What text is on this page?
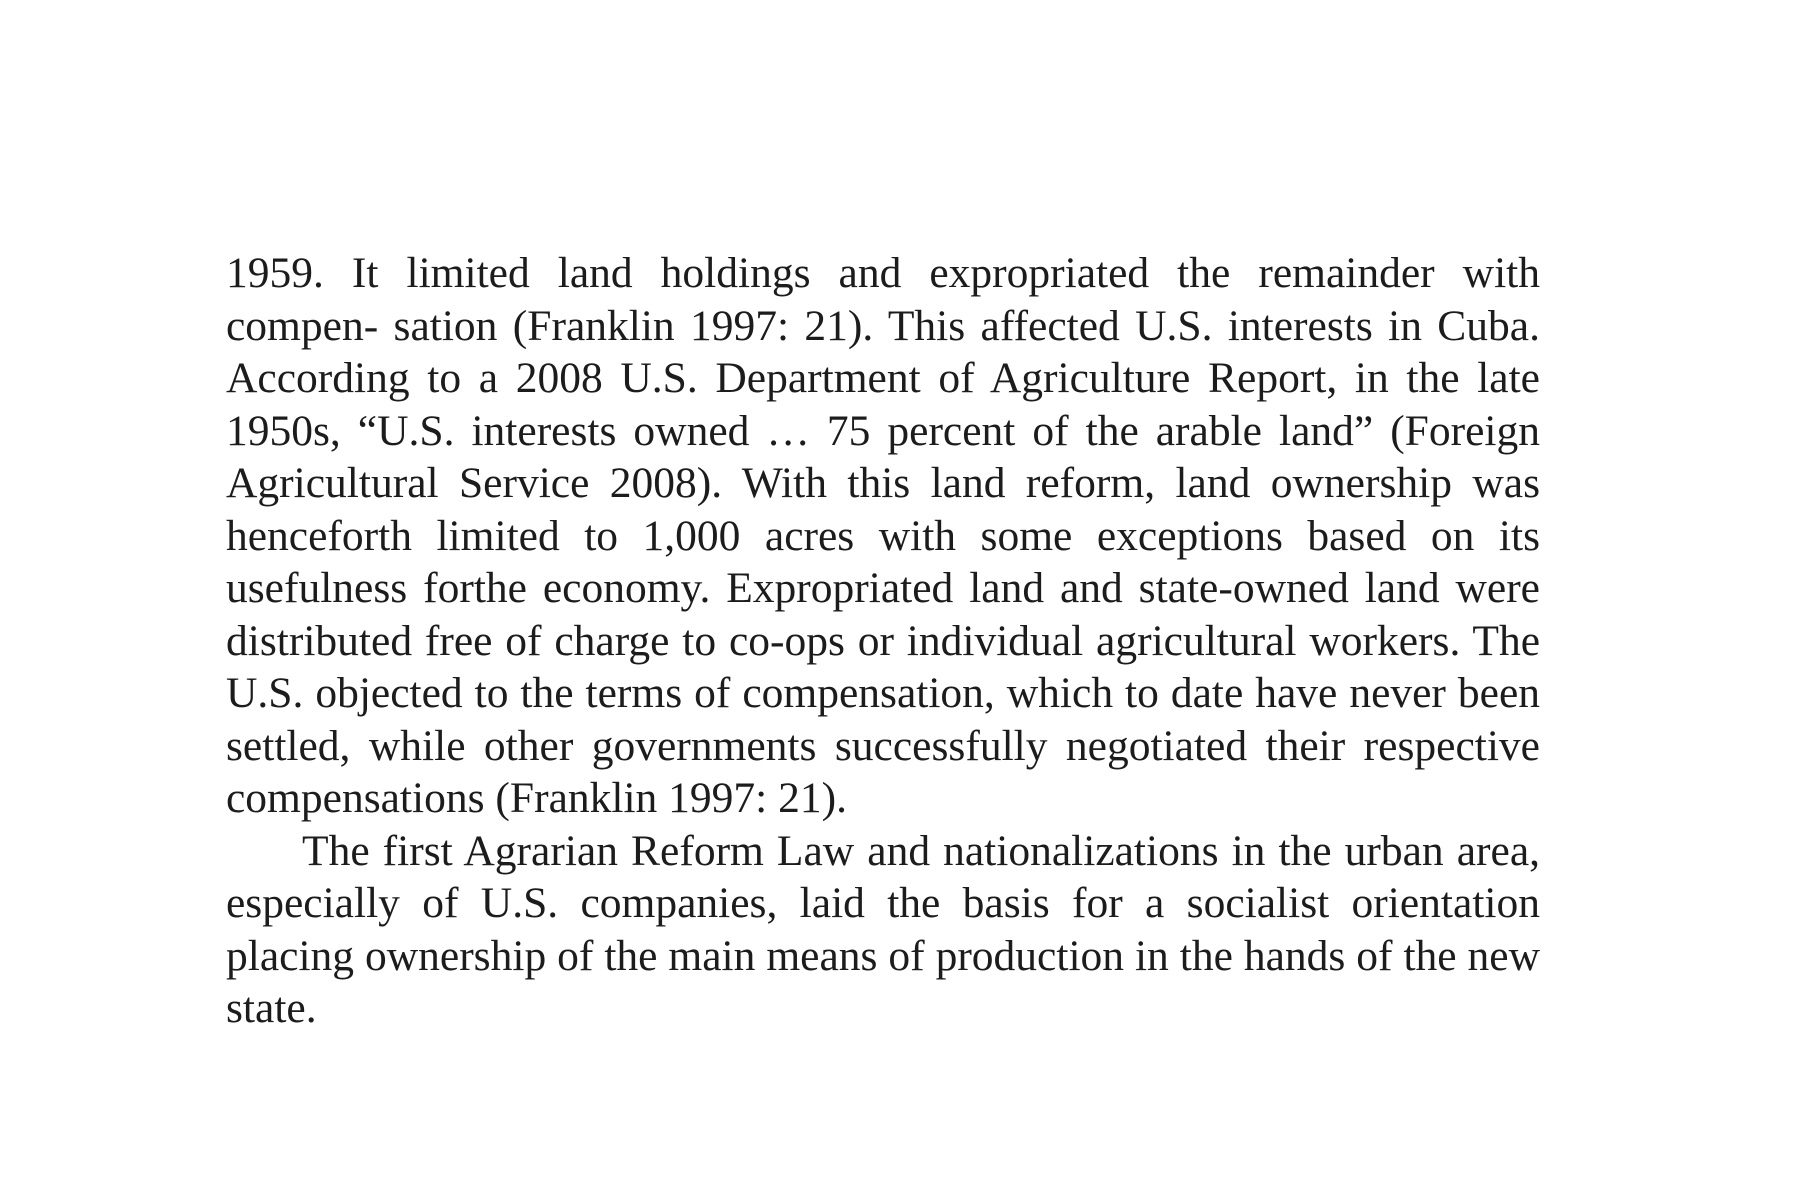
1959. It limited land holdings and expropriated the remainder with compen- sation (Franklin 1997: 21). This affected U.S. interests in Cuba. According to a 2008 U.S. Department of Agriculture Report, in the late 1950s, “U.S. interests owned … 75 percent of the arable land” (Foreign Agricultural Service 2008). With this land reform, land ownership was henceforth limited to 1,000 acres with some exceptions based on its usefulness forthe economy. Expropriated land and state-owned land were distributed free of charge to co-ops or individual agricultural workers. The U.S. objected to the terms of compensation, which to date have never been settled, while other governments successfully negotiated their respective compensations (Franklin 1997: 21).

The first Agrarian Reform Law and nationalizations in the urban area, especially of U.S. companies, laid the basis for a socialist orientation placing ownership of the main means of production in the hands of the new state.
